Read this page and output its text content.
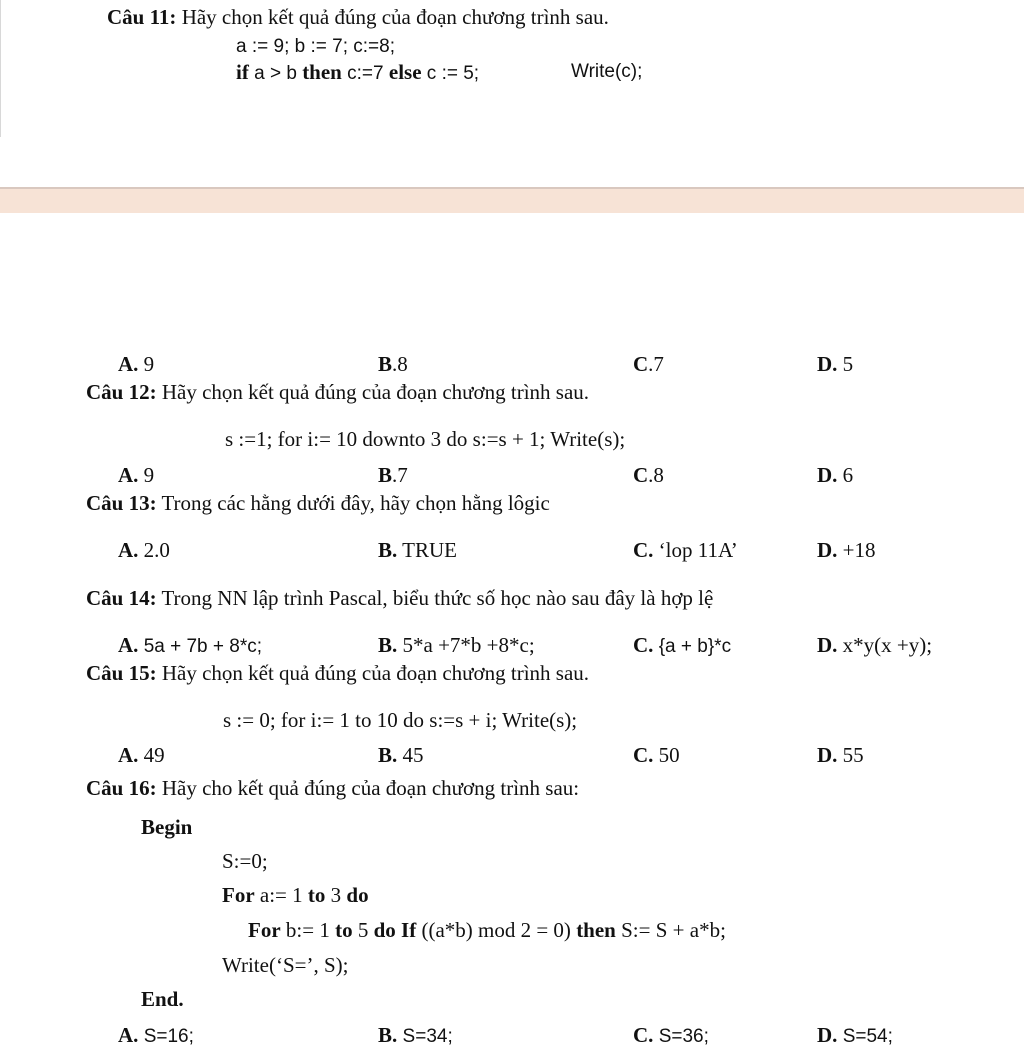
Câu 11: Hãy chọn kết quả đúng của đoạn chương trình sau.
a := 9; b := 7; c:=8;
if a > b then c:=7 else c := 5;	Write(c);
A. 9	B.8	C.7	D. 5
Câu 12: Hãy chọn kết quả đúng của đoạn chương trình sau.
s :=1; for i:= 10 downto 3 do s:=s + 1; Write(s);
A. 9	B.7	C.8	D. 6
Câu 13: Trong các hằng dưới đây, hãy chọn hằng lôgic
A. 2.0	B. TRUE	C. ‘lop 11A’	D. +18
Câu 14: Trong NN lập trình Pascal, biểu thức số học nào sau đây là hợp lệ
A. 5a + 7b + 8*c;	B. 5*a +7*b +8*c;	C. {a + b}*c	D. x*y(x +y);
Câu 15: Hãy chọn kết quả đúng của đoạn chương trình sau.
s := 0; for i:= 1 to 10 do s:=s + i; Write(s);
A. 49	B. 45	C. 50	D. 55
Câu 16: Hãy cho kết quả đúng của đoạn chương trình sau:
Begin
S:=0;
For a:= 1 to 3 do
For b:= 1 to 5 do If ((a*b) mod 2 = 0) then S:= S + a*b;
Write(‘S=’, S);
End.
A. S=16;	B. S=34;	C. S=36;	D. S=54;
